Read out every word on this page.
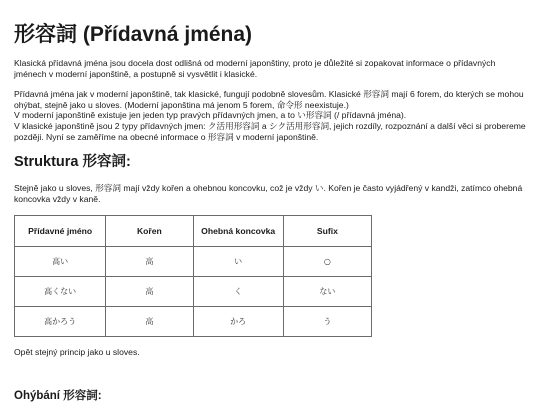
形容詞 (Přídavná jména)

Klasická přídavná jména jsou docela dost odlišná od moderní japonštiny, proto je důležité si zopakovat informace o přídavných jménech v moderní japonštině, a postupně si vysvětlit i klasické.

Přídavná jména jak v moderní japonštině, tak klasické, fungují podobně slovesům. Klasické 形容詞 mají 6 forem, do kterých se mohou ohýbat, stejně jako u sloves. (Moderní japonština má jenom 5 forem, 命令形 neexistuje.)

V moderní japonštině existuje jen jeden typ pravých přídavných jmen, a to い形容詞 (/ přídavná jména).

V klasické japonštině jsou 2 typy přídavných jmen: ク活用形容詞 a シク活用形容詞, jejich rozdíly, rozpoznání a další věci si probereme později. Nyní se zaměříme na obecné informace o 形容詞 v moderní japonštině.

Struktura 形容詞:

Stejně jako u sloves, 形容詞 mají vždy kořen a ohebnou koncovku, což je vždy い. Kořen je často vyjádřený v kandži, zatímco ohebná koncovka vždy v kaně.

Přídavné jméno	Kořen	Ohebná koncovka	Sufix
高い	高	い	○
高くない	高	く	ない
高かろう	高	かろ	う

Opět stejný princip jako u sloves.

Ohýbání 形容詞:
